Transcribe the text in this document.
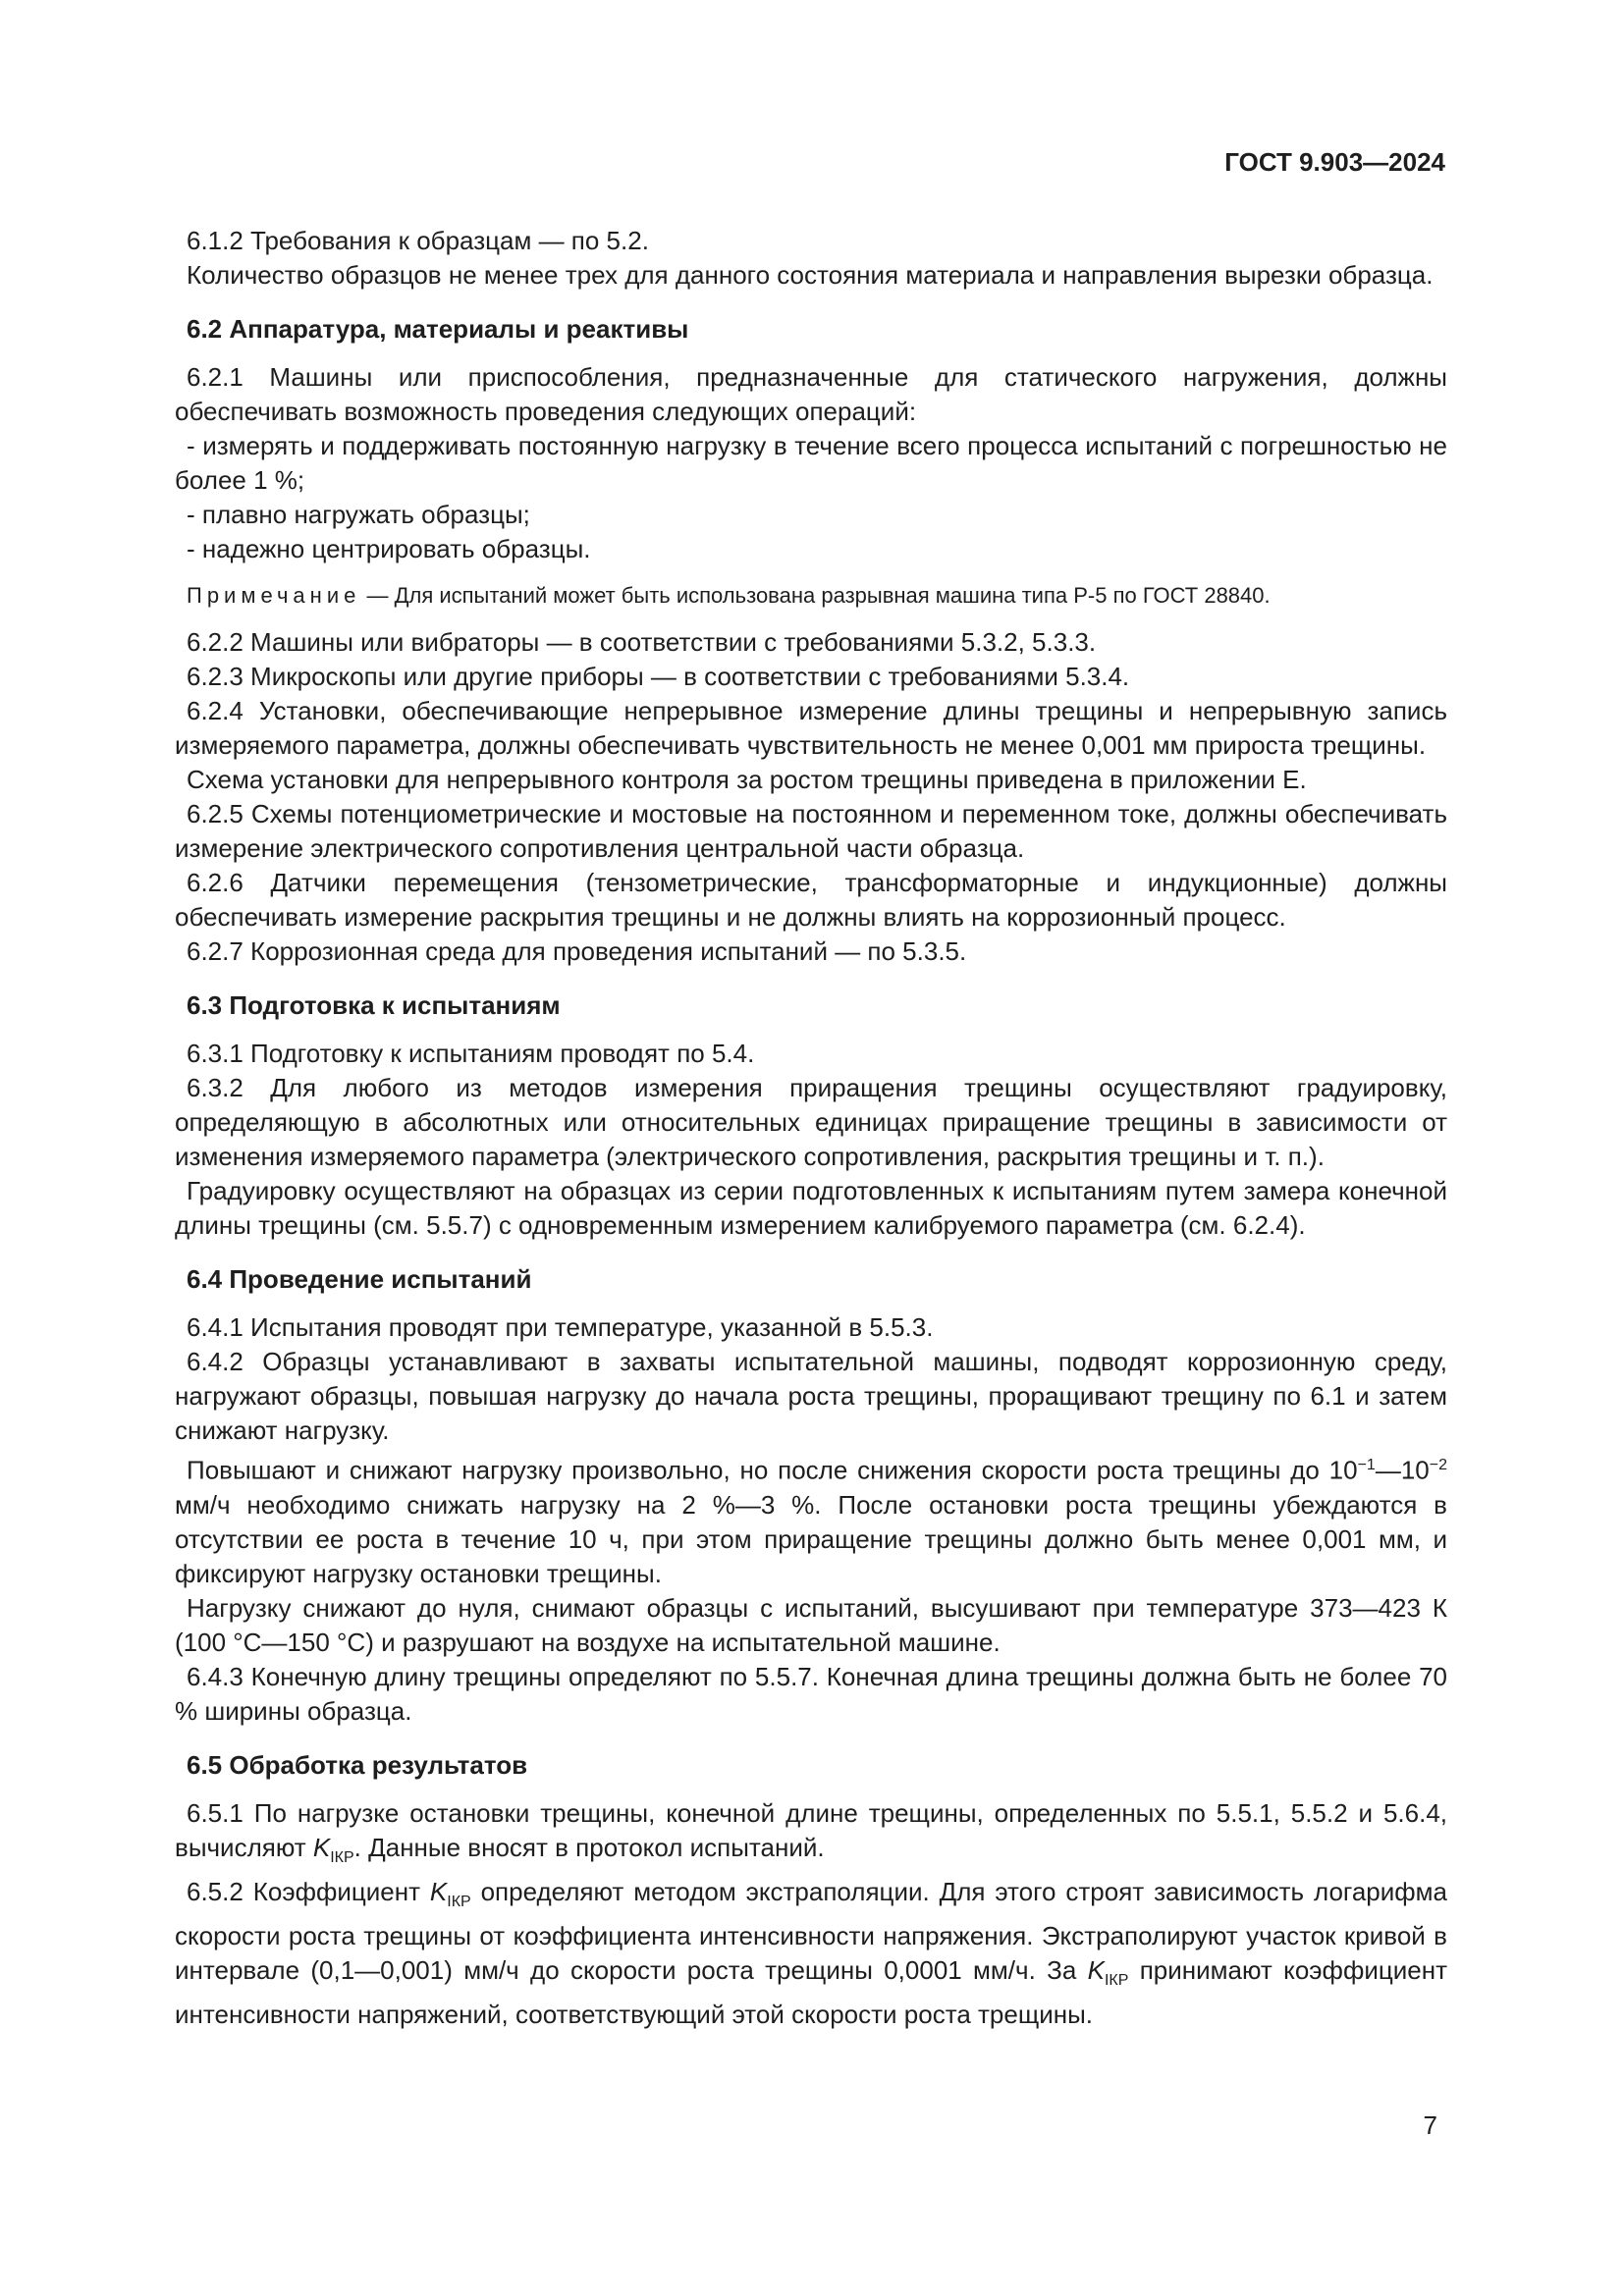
ГОСТ 9.903—2024

6.1.2 Требования к образцам — по 5.2.

Количество образцов не менее трех для данного состояния материала и направления вырезки образца.

6.2 Аппаратура, материалы и реактивы

6.2.1 Машины или приспособления, предназначенные для статического нагружения, должны обеспечивать возможность проведения следующих операций:

- измерять и поддерживать постоянную нагрузку в течение всего процесса испытаний с погрешностью не более 1 %;

- плавно нагружать образцы;

- надежно центрировать образцы.

Примечание — Для испытаний может быть использована разрывная машина типа Р-5 по ГОСТ 28840.

6.2.2 Машины или вибраторы — в соответствии с требованиями 5.3.2, 5.3.3.

6.2.3 Микроскопы или другие приборы — в соответствии с требованиями 5.3.4.

6.2.4 Установки, обеспечивающие непрерывное измерение длины трещины и непрерывную запись измеряемого параметра, должны обеспечивать чувствительность не менее 0,001 мм прироста трещины.

Схема установки для непрерывного контроля за ростом трещины приведена в приложении Е.

6.2.5 Схемы потенциометрические и мостовые на постоянном и переменном токе, должны обеспечивать измерение электрического сопротивления центральной части образца.

6.2.6 Датчики перемещения (тензометрические, трансформаторные и индукционные) должны обеспечивать измерение раскрытия трещины и не должны влиять на коррозионный процесс.

6.2.7 Коррозионная среда для проведения испытаний — по 5.3.5.

6.3 Подготовка к испытаниям

6.3.1 Подготовку к испытаниям проводят по 5.4.

6.3.2 Для любого из методов измерения приращения трещины осуществляют градуировку, определяющую в абсолютных или относительных единицах приращение трещины в зависимости от изменения измеряемого параметра (электрического сопротивления, раскрытия трещины и т. п.).

Градуировку осуществляют на образцах из серии подготовленных к испытаниям путем замера конечной длины трещины (см. 5.5.7) с одновременным измерением калибруемого параметра (см. 6.2.4).

6.4 Проведение испытаний

6.4.1 Испытания проводят при температуре, указанной в 5.5.3.

6.4.2 Образцы устанавливают в захваты испытательной машины, подводят коррозионную среду, нагружают образцы, повышая нагрузку до начала роста трещины, проращивают трещину по 6.1 и затем снижают нагрузку.

Повышают и снижают нагрузку произвольно, но после снижения скорости роста трещины до $10^{-1}—10^{-2}$ мм/ч необходимо снижать нагрузку на 2 %—3 %. После остановки роста трещины убеждаются в отсутствии ее роста в течение 10 ч, при этом приращение трещины должно быть менее 0,001 мм, и фиксируют нагрузку остановки трещины.

Нагрузку снижают до нуля, снимают образцы с испытаний, высушивают при температуре 373—423 К (100 °С—150 °С) и разрушают на воздухе на испытательной машине.

6.4.3 Конечную длину трещины определяют по 5.5.7. Конечная длина трещины должна быть не более 70 % ширины образца.

6.5 Обработка результатов

6.5.1 По нагрузке остановки трещины, конечной длине трещины, определенных по 5.5.1, 5.5.2 и 5.6.4, вычисляют $K_{IКР}$. Данные вносят в протокол испытаний.

6.5.2 Коэффициент $K_{IКР}$ определяют методом экстраполяции. Для этого строят зависимость логарифма скорости роста трещины от коэффициента интенсивности напряжения. Экстраполируют участок кривой в интервале (0,1—0,001) мм/ч до скорости роста трещины 0,0001 мм/ч. За $K_{IКР}$ принимают коэффициент интенсивности напряжений, соответствующий этой скорости роста трещины.

7
